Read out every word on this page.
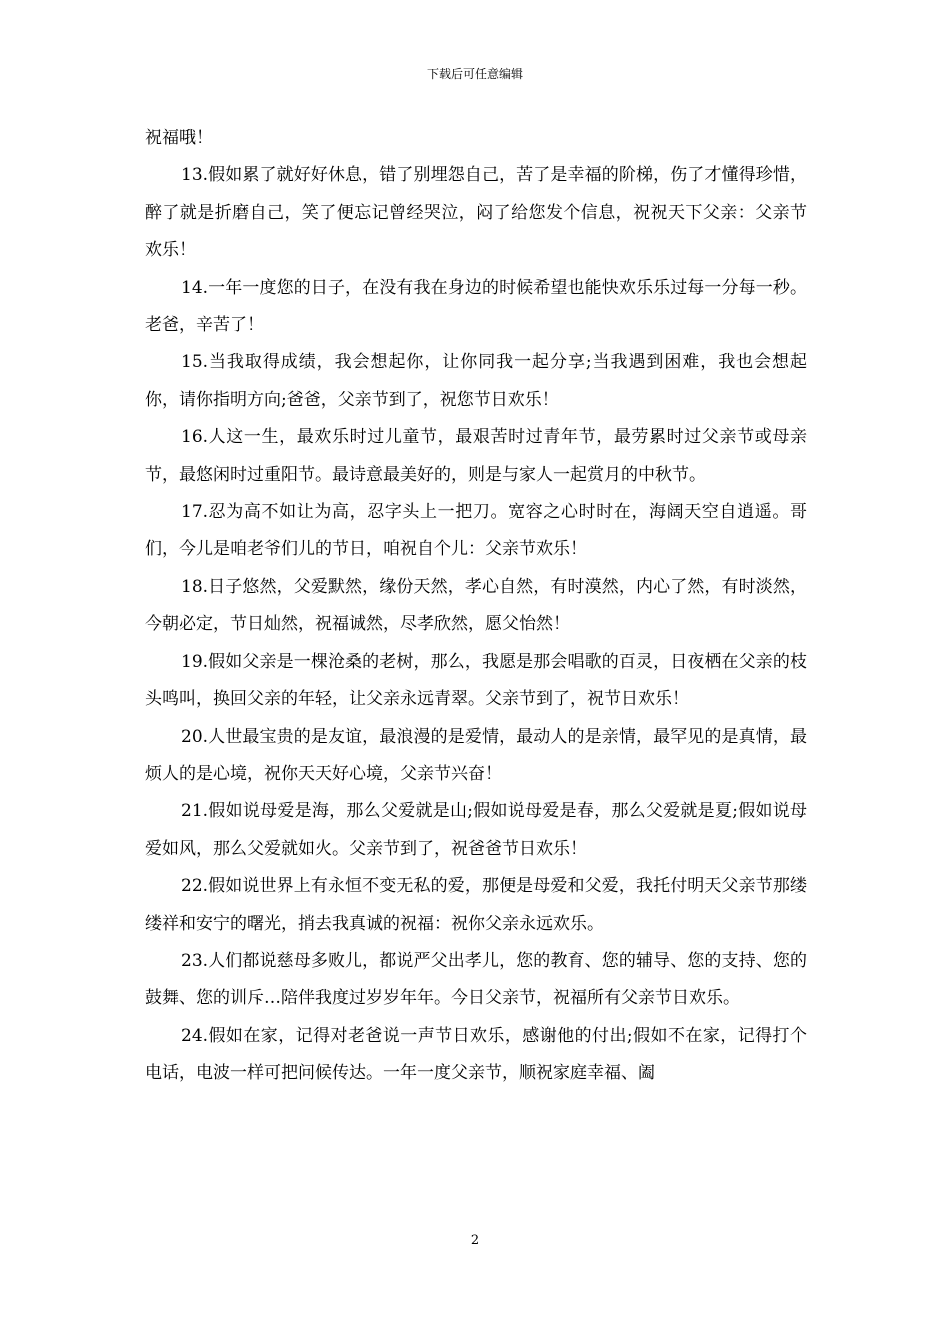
下载后可任意编辑

祝福哦！

13.假如累了就好好休息，错了别埋怨自己，苦了是幸福的阶梯，伤了才懂得珍惜，醉了就是折磨自己，笑了便忘记曾经哭泣，闷了给您发个信息，祝祝天下父亲：父亲节欢乐！

14.一年一度您的日子，在没有我在身边的时候希望也能快欢乐乐过每一分每一秒。老爸，辛苦了！

15.当我取得成绩，我会想起你，让你同我一起分享;当我遇到困难，我也会想起你，请你指明方向;爸爸，父亲节到了，祝您节日欢乐！

16.人这一生，最欢乐时过儿童节，最艰苦时过青年节，最劳累时过父亲节或母亲节，最悠闲时过重阳节。最诗意最美好的，则是与家人一起赏月的中秋节。

17.忍为高不如让为高，忍字头上一把刀。宽容之心时时在，海阔天空自逍遥。哥们，今儿是咱老爷们儿的节日，咱祝自个儿：父亲节欢乐！

18.日子悠然，父爱默然，缘份天然，孝心自然，有时漠然，内心了然，有时淡然，今朝必定，节日灿然，祝福诚然，尽孝欣然，愿父怡然！

19.假如父亲是一棵沧桑的老树，那么，我愿是那会唱歌的百灵，日夜栖在父亲的枝头鸣叫，换回父亲的年轻，让父亲永远青翠。父亲节到了，祝节日欢乐！

20.人世最宝贵的是友谊，最浪漫的是爱情，最动人的是亲情，最罕见的是真情，最烦人的是心境，祝你天天好心境，父亲节兴奋！

21.假如说母爱是海，那么父爱就是山;假如说母爱是春，那么父爱就是夏;假如说母爱如风，那么父爱就如火。父亲节到了，祝爸爸节日欢乐！

22.假如说世界上有永恒不变无私的爱，那便是母爱和父爱，我托付明天父亲节那缕缕祥和安宁的曙光，捎去我真诚的祝福：祝你父亲永远欢乐。

23.人们都说慈母多败儿，都说严父出孝儿，您的教育、您的辅导、您的支持、您的鼓舞、您的训斥…陪伴我度过岁岁年年。今日父亲节，祝福所有父亲节日欢乐。

24.假如在家，记得对老爸说一声节日欢乐，感谢他的付出;假如不在家，记得打个电话，电波一样可把问候传达。一年一度父亲节，顺祝家庭幸福、阖

2
